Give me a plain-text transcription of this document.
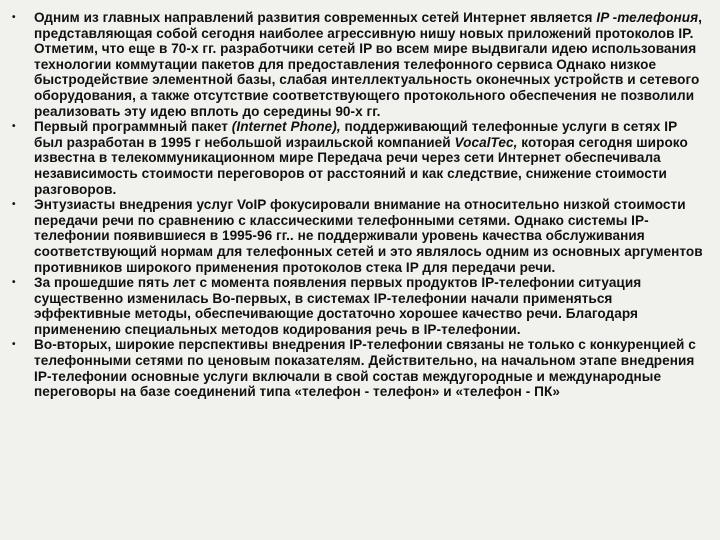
• Одним из главных направлений развития современных сетей Интернет является IP -телефония, представляющая собой сегодня наиболее агрессивную нишу новых приложений протоколов IP. Отметим, что еще в 70-х гг. разработчики сетей IP во всем мире выдвигали идею использования технологии коммутации пакетов для предоставления телефонного сервиса Однако низкое быстродействие элементной базы, слабая интеллектуальность оконечных устройств и сетевого оборудования, а также отсутствие соответствующего протокольного обеспечения не позволили реализовать эту идею вплоть до середины 90-х гг.
• Первый программный пакет (Internet Phone), поддерживающий телефонные услуги в сетях IP был разработан в 1995 г небольшой израильской компанией VocalTec, которая сегодня широко известна в телекоммуникационном мире Передача речи через сети Интернет обеспечивала независимость стоимости переговоров от расстояний и как следствие, снижение стоимости разговоров.
• Энтузиасты внедрения услуг VoIP фокусировали внимание на относительно низкой стоимости передачи речи по сравнению с классическими телефонными сетями. Однако системы IP-телефонии появившиеся в 1995-96 гг.. не поддерживали уровень качества обслуживания соответствующий нормам для телефонных сетей и это являлось одним из основных аргументов противников широкого применения протоколов стека IP для передачи речи.
• За прошедшие пять лет с момента появления первых продуктов IP-телефонии ситуация существенно изменилась Во-первых, в системах IP-телефонии начали применяться эффективные методы, обеспечивающие достаточно хорошее качество речи. Благодаря применению специальных методов кодирования речь в IP-телефонии.
• Во-вторых, широкие перспективы внедрения IP-телефонии связаны не только с конкуренцией с телефонными сетями по ценовым показателям. Действительно, на начальном этапе внедрения IP-телефонии основные услуги включали в свой состав междугородные и международные переговоры на базе соединений типа «телефон - телефон» и «телефон - ПК»
